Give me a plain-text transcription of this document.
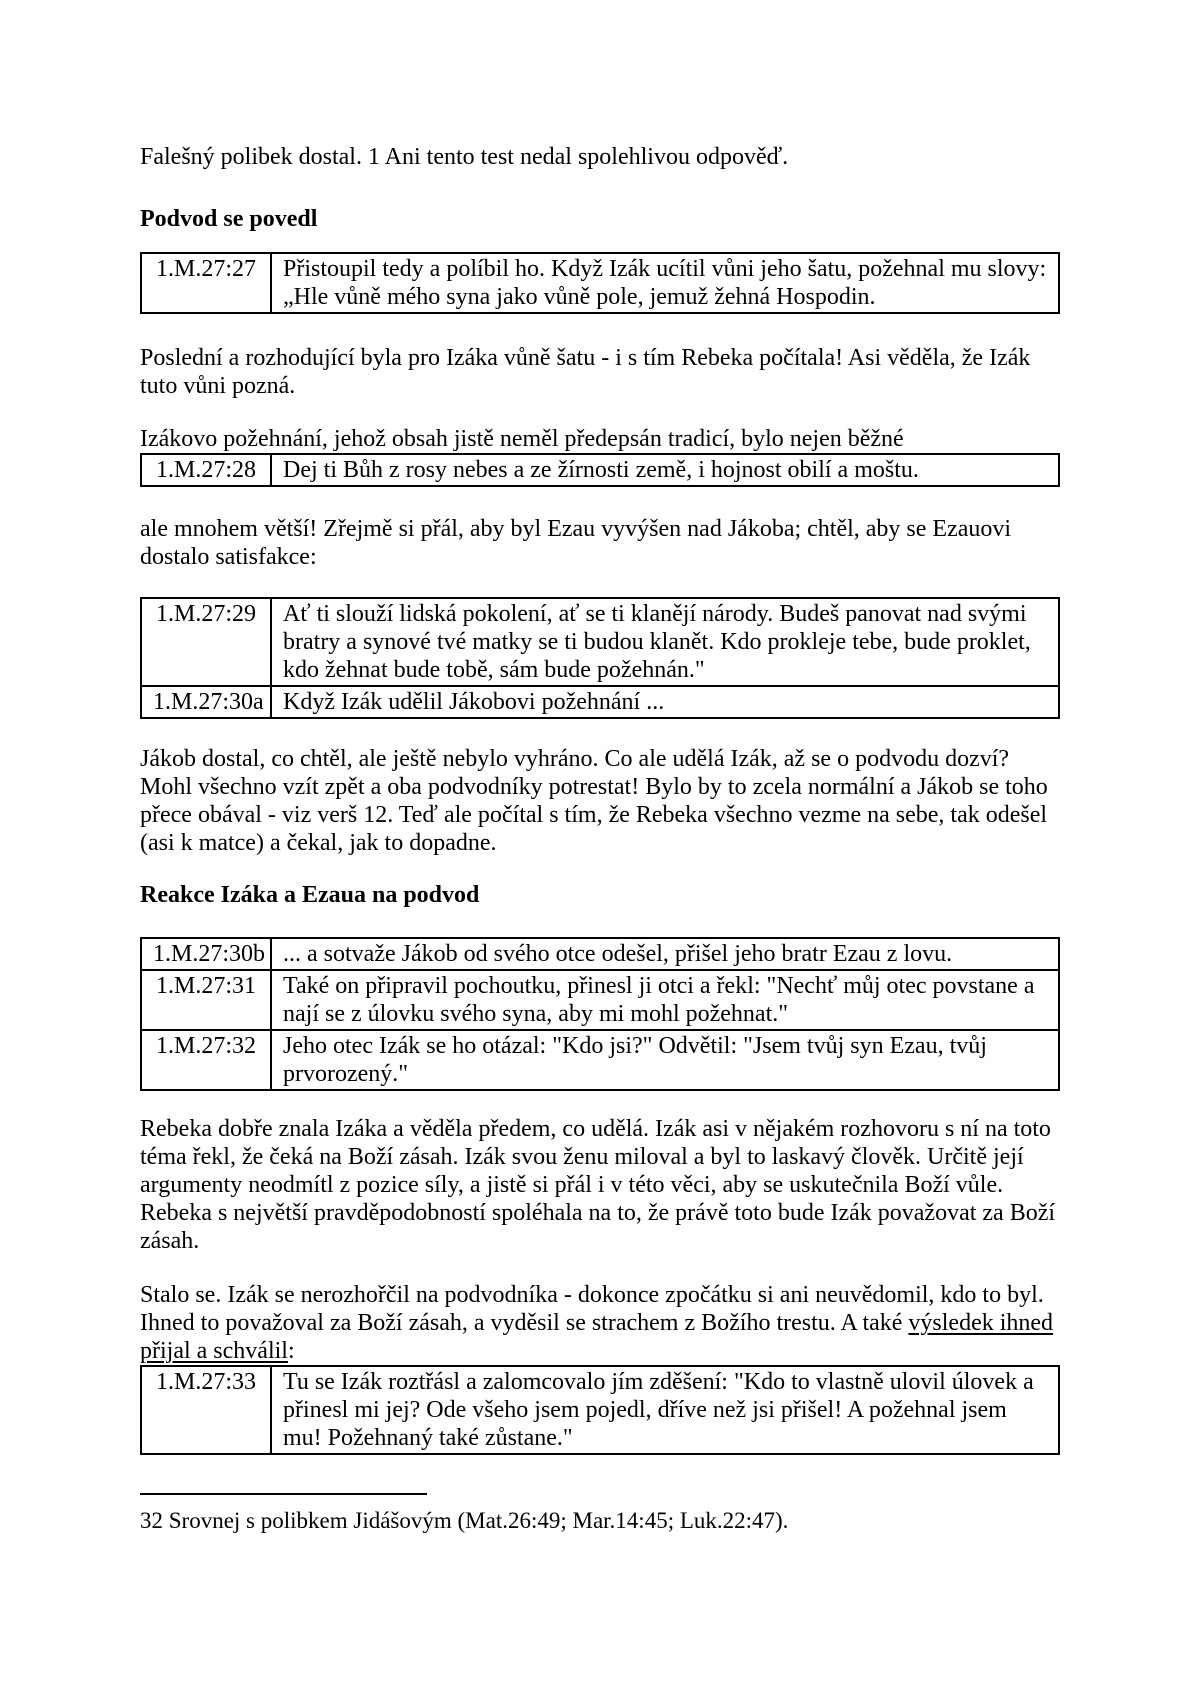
Falešný polibek dostal. 1 Ani tento test nedal spolehlivou odpověď.

Podvod se povedl
1.M.27:27	Přistoupil tedy a políbil ho. Když Izák ucítil vůni jeho šatu, požehnal mu slovy: „Hle vůně mého syna jako vůně pole, jemuž žehná Hospodin.

Poslední a rozhodující byla pro Izáka vůně šatu - i s tím Rebeka počítala! Asi věděla, že Izák tuto vůni pozná.

Izákovo požehnání, jehož obsah jistě neměl předepsán tradicí, bylo nejen běžné

1.M.27:28	Dej ti Bůh z rosy nebes a ze žírnosti země, i hojnost obilí a moštu.

ale mnohem větší! Zřejmě si přál, aby byl Ezau vyvýšen nad Jákoba; chtěl, aby se Ezauovi dostalo satisfakce:

1.M.27:29	Ať ti slouží lidská pokolení, ať se ti klanějí národy. Budeš panovat nad svými bratry a synové tvé matky se ti budou klanět. Kdo prokleje tebe, bude proklet, kdo žehnat bude tobě, sám bude požehnán."
1.M.27:30a	Když Izák udělil Jákobovi požehnání ...

Jákob dostal, co chtěl, ale ještě nebylo vyhráno. Co ale udělá Izák, až se o podvodu dozví? Mohl všechno vzít zpět a oba podvodníky potrestat! Bylo by to zcela normální a Jákob se toho přece obával - viz verš 12. Teď ale počítal s tím, že Rebeka všechno vezme na sebe, tak odešel (asi k matce) a čekal, jak to dopadne.

Reakce Izáka a Ezaua na podvod
1.M.27:30b	... a sotvaže Jákob od svého otce odešel, přišel jeho bratr Ezau z lovu.
1.M.27:31	Také on připravil pochoutku, přinesl ji otci a řekl: "Nechť můj otec povstane a nají se z úlovku svého syna, aby mi mohl požehnat."
1.M.27:32	Jeho otec Izák se ho otázal: "Kdo jsi?" Odvětil: "Jsem tvůj syn Ezau, tvůj prvorozený."

Rebeka dobře znala Izáka a věděla předem, co udělá. Izák asi v nějakém rozhovoru s ní na toto téma řekl, že čeká na Boží zásah. Izák svou ženu miloval a byl to laskavý člověk. Určitě její argumenty neodmítl z pozice síly, a jistě si přál i v této věci, aby se uskutečnila Boží vůle. Rebeka s největší pravděpodobností spoléhala na to, že právě toto bude Izák považovat za Boží zásah.

Stalo se. Izák se nerozhořčil na podvodníka - dokonce zpočátku si ani neuvědomil, kdo to byl. Ihned to považoval za Boží zásah, a vyděsil se strachem z Božího trestu. A také výsledek ihned přijal a schválil:

1.M.27:33	Tu se Izák roztřásl a zalomcovalo jím zděšení: "Kdo to vlastně ulovil úlovek a přinesl mi jej? Ode všeho jsem pojedl, dříve než jsi přišel! A požehnal jsem mu! Požehnaný také zůstane."

32 Srovnej s polibkem Jidášovým (Mat.26:49; Mar.14:45; Luk.22:47).
